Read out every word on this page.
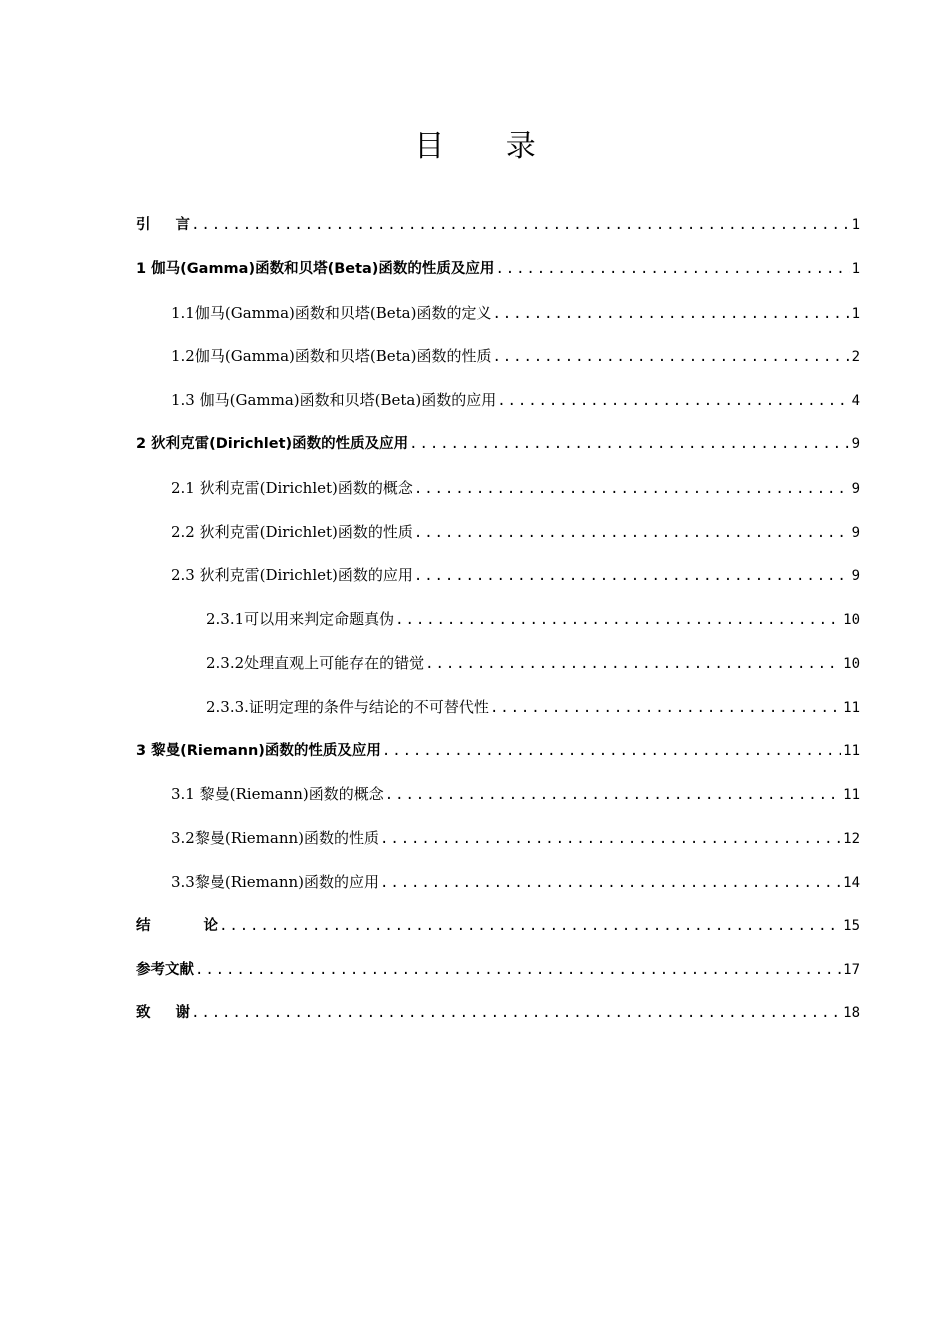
目 录
引 言 .....	1
1 伽马(Gamma)函数和贝塔(Beta)函数的性质及应用 .....	1
1.1伽马(Gamma)函数和贝塔(Beta)函数的定义 .....	1
1.2伽马(Gamma)函数和贝塔(Beta)函数的性质 .....	2
1.3 伽马(Gamma)函数和贝塔(Beta)函数的应用 .....	4
2 狄利克雷(Dirichlet)函数的性质及应用 .....	9
2.1 狄利克雷(Dirichlet)函数的概念 .....	9
2.2 狄利克雷(Dirichlet)函数的性质 .....	9
2.3 狄利克雷(Dirichlet)函数的应用 .....	9
2.3.1可以用来判定命题真伪 .....	10
2.3.2处理直观上可能存在的错觉 .....	10
2.3.3.证明定理的条件与结论的不可替代性 .....	11
3 黎曼(Riemann)函数的性质及应用 .....	11
3.1 黎曼(Riemann)函数的概念 .....	11
3.2黎曼(Riemann)函数的性质 .....	12
3.3黎曼(Riemann)函数的应用 .....	14
结 论 .....	15
参考文献 .....	17
致 谢 .....	18
